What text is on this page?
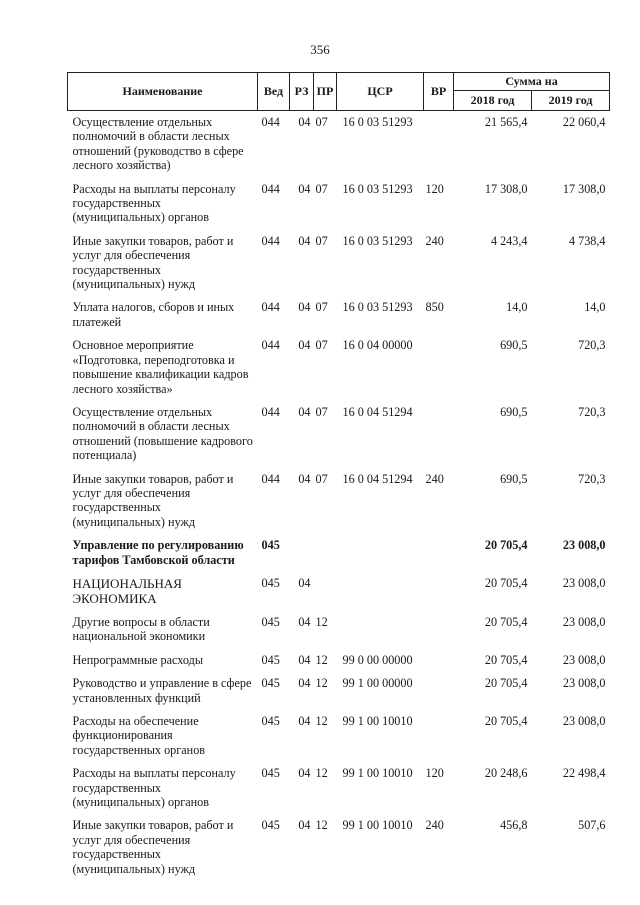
356
Наименование	Вед	РЗ	ПР	ЦСР	ВР	Сумма на	
						2018 год	2019 год
Осуществление отдельных полномочий в области лесных отношений (руководство в сфере лесного хозяйства)	044	04	07	16 0 03 51293		21 565,4	22 060,4
Расходы на выплаты персоналу государственных (муниципальных) органов	044	04	07	16 0 03 51293	120	17 308,0	17 308,0
Иные закупки товаров, работ и услуг для обеспечения государственных (муниципальных) нужд	044	04	07	16 0 03 51293	240	4 243,4	4 738,4
Уплата налогов, сборов и иных платежей	044	04	07	16 0 03 51293	850	14,0	14,0
Основное мероприятие «Подготовка, переподготовка и повышение квалификации кадров лесного хозяйства»	044	04	07	16 0 04 00000		690,5	720,3
Осуществление отдельных полномочий в области лесных отношений (повышение кадрового потенциала)	044	04	07	16 0 04 51294		690,5	720,3
Иные закупки товаров, работ и услуг для обеспечения государственных (муниципальных) нужд	044	04	07	16 0 04 51294	240	690,5	720,3
Управление по регулированию тарифов Тамбовской области	045					20 705,4	23 008,0
НАЦИОНАЛЬНАЯ ЭКОНОМИКА	045	04				20 705,4	23 008,0
Другие вопросы в области национальной экономики	045	04	12			20 705,4	23 008,0
Непрограммные расходы	045	04	12	99 0 00 00000		20 705,4	23 008,0
Руководство и управление в сфере установленных функций	045	04	12	99 1 00 00000		20 705,4	23 008,0
Расходы на обеспечение функционирования государственных органов	045	04	12	99 1 00 10010		20 705,4	23 008,0
Расходы на выплаты персоналу государственных (муниципальных) органов	045	04	12	99 1 00 10010	120	20 248,6	22 498,4
Иные закупки товаров, работ и услуг для обеспечения государственных (муниципальных) нужд	045	04	12	99 1 00 10010	240	456,8	507,6
